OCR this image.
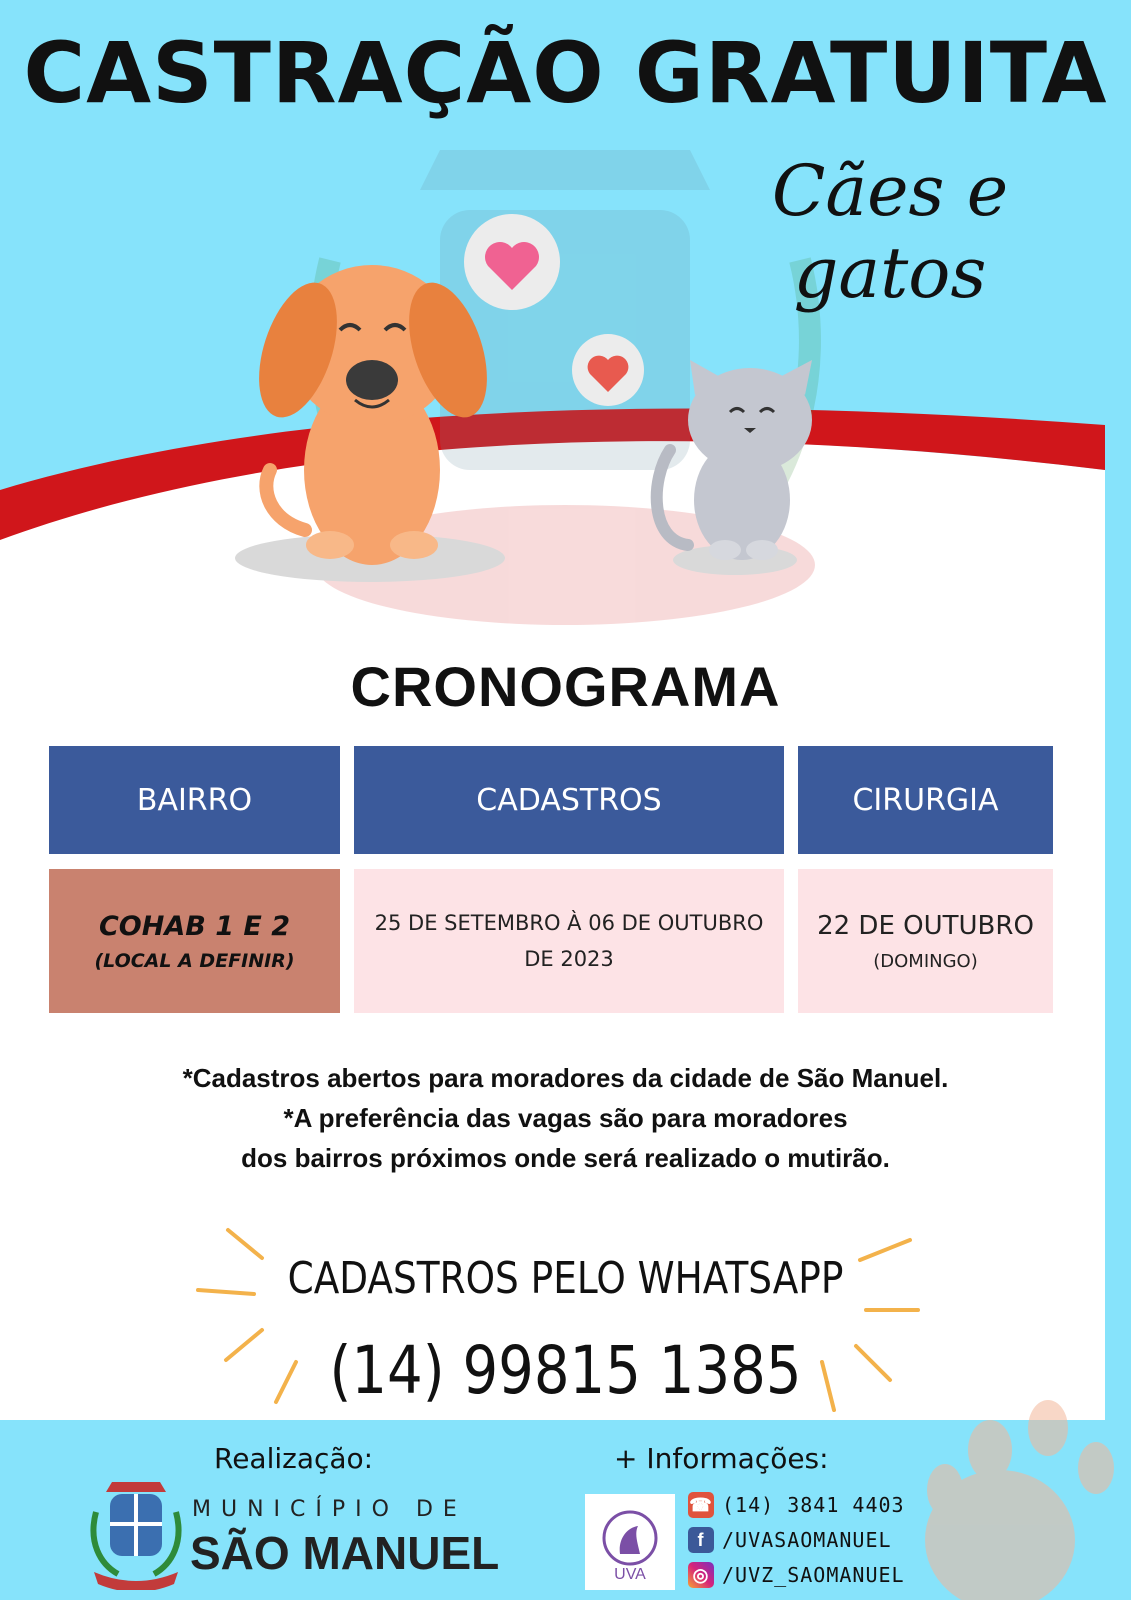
CASTRAÇÃO GRATUITA
Cães e gatos
CRONOGRAMA
BAIRRO	CADASTROS	CIRURGIA
COHAB 1 E 2
(LOCAL A DEFINIR)
25 DE SETEMBRO À 06 DE OUTUBRO
DE 2023
22 DE OUTUBRO
(DOMINGO)
*Cadastros abertos para moradores da cidade de São Manuel.
*A preferência das vagas são para moradores
dos bairros próximos onde será realizado o mutirão.
CADASTROS PELO WHATSAPP
(14) 99815 1385
Realização:
MUNICÍPIO DE
SÃO MANUEL
+ Informações:
UVA
☎ (14) 3841 4403
f /UVASAOMANUEL
◎ /UVZ_SAOMANUEL
